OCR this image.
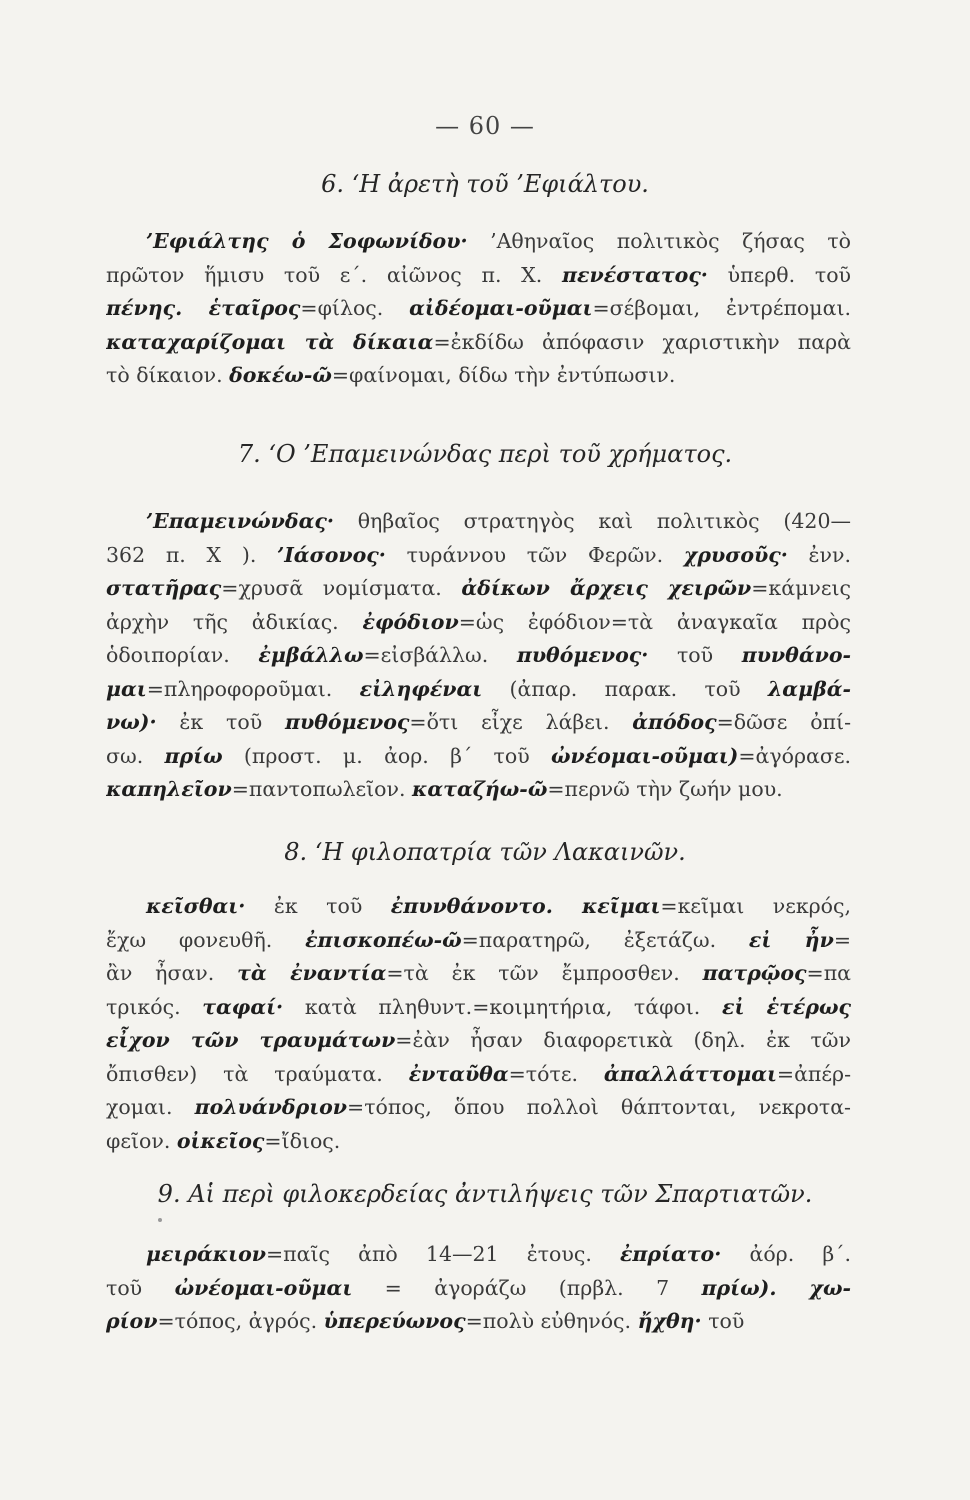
— 60 —
6. ‘Η ἀρετὴ τοῦ ’Εφιάλτου.
’Εφιάλτης ὁ Σοφωνίδου· ’Αθηναῖος πολιτικὸς ζήσας τὸ
πρῶτον ἥμισυ τοῦ ε΄. αἰῶνος π. Χ. πενέστατος· ὑπερθ. τοῦ
πένης. ἑταῖρος=φίλος. αἰδέομαι-οῦμαι=σέβομαι, ἐντρέπομαι.
καταχαρίζομαι τὰ δίκαια=ἐκδίδω ἀπόφασιν χαριστικὴν παρὰ
τὸ δίκαιον. δοκέω-ῶ=φαίνομαι, δίδω τὴν ἐντύπωσιν.
7. ‘Ο ’Επαμεινώνδας περὶ τοῦ χρήματος.
’Επαμεινώνδας· θηβαῖος στρατηγὸς καὶ πολιτικὸς (420—
362 π. Χ ). ’Ιάσονος· τυράννου τῶν Φερῶν. χρυσοῦς· ἐνν.
στατῆρας=χρυσᾶ νομίσματα. ἀδίκων ἄρχεις χειρῶν=κάμνεις
ἀρχὴν τῆς ἀδικίας. ἐφόδιον=ὡς ἐφόδιον=τὰ ἀναγκαῖα πρὸς
ὁδοιπορίαν. ἐμβάλλω=εἰσβάλλω. πυθόμενος· τοῦ πυνθάνο-
μαι=πληροφοροῦμαι. εἰληφέναι (ἀπαρ. παρακ. τοῦ λαμβά-
νω)· ἐκ τοῦ πυθόμενος=ὅτι εἶχε λάβει. ἀπόδος=δῶσε ὀπί-
σω. πρίω (προστ. μ. ἀορ. β΄ τοῦ ὠνέομαι-οῦμαι)=ἀγόρασε.
καπηλεῖον=παντοπωλεῖον. καταζήω-ῶ=περνῶ τὴν ζωήν μου.
8. ‘Η φιλοπατρία τῶν Λακαινῶν.
κεῖσθαι· ἐκ τοῦ ἐπυνθάνοντο. κεῖμαι=κεῖμαι νεκρός,
ἔχω φονευθῆ. ἐπισκοπέω-ῶ=παρατηρῶ, ἐξετάζω. εἰ ἦν=
ἂν ἦσαν. τὰ ἐναντία=τὰ ἐκ τῶν ἔμπροσθεν. πατρῷος=πα
τρικός. ταφαί· κατὰ πληθυντ.=κοιμητήρια, τάφοι. εἰ ἑτέρως
εἶχον τῶν τραυμάτων=ἐὰν ἦσαν διαφορετικὰ (δηλ. ἐκ τῶν
ὄπισθεν) τὰ τραύματα. ἐνταῦθα=τότε. ἀπαλλάττομαι=ἀπέρ-
χομαι. πολυάνδριον=τόπος, ὅπου πολλοὶ θάπτονται, νεκροτα-
φεῖον. οἰκεῖος=ἴδιος.
9. Αἱ περὶ φιλοκερδείας ἀντιλήψεις τῶν Σπαρτιατῶν.
μειράκιον=παῖς ἀπὸ 14—21 ἐτους. ἐπρίατο· ἀόρ. β΄.
τοῦ ὠνέομαι-οῦμαι = ἀγοράζω (πρβλ. 7 πρίω). χω-
ρίον=τόπος, ἀγρός. ὑπερεύωνος=πολὺ εὐθηνός. ἤχθη· τοῦ
